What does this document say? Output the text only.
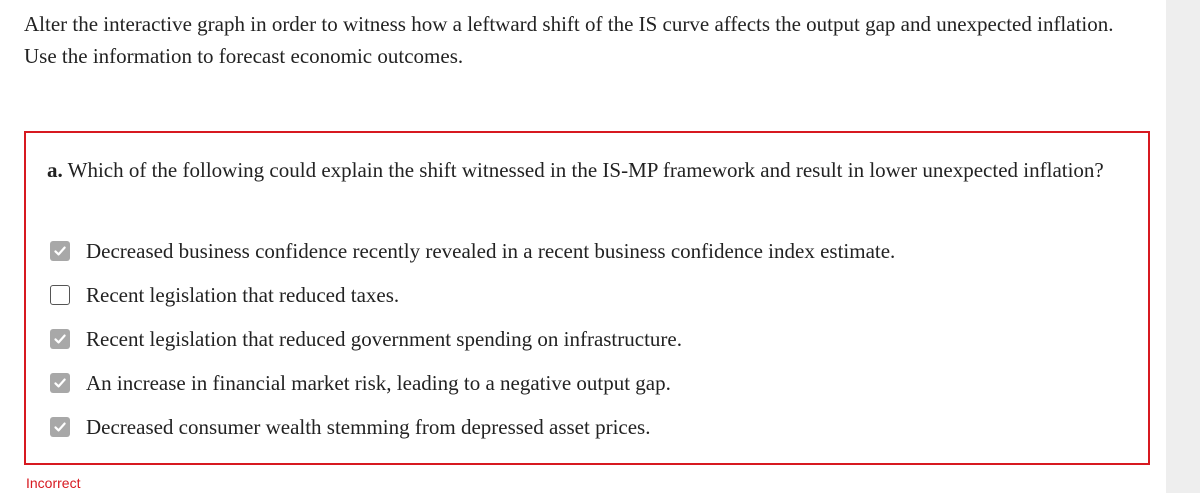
Alter the interactive graph in order to witness how a leftward shift of the IS curve affects the output gap and unexpected inflation. Use the information to forecast economic outcomes.
a. Which of the following could explain the shift witnessed in the IS-MP framework and result in lower unexpected inflation?
Decreased business confidence recently revealed in a recent business confidence index estimate.
Recent legislation that reduced taxes.
Recent legislation that reduced government spending on infrastructure.
An increase in financial market risk, leading to a negative output gap.
Decreased consumer wealth stemming from depressed asset prices.
Incorrect
